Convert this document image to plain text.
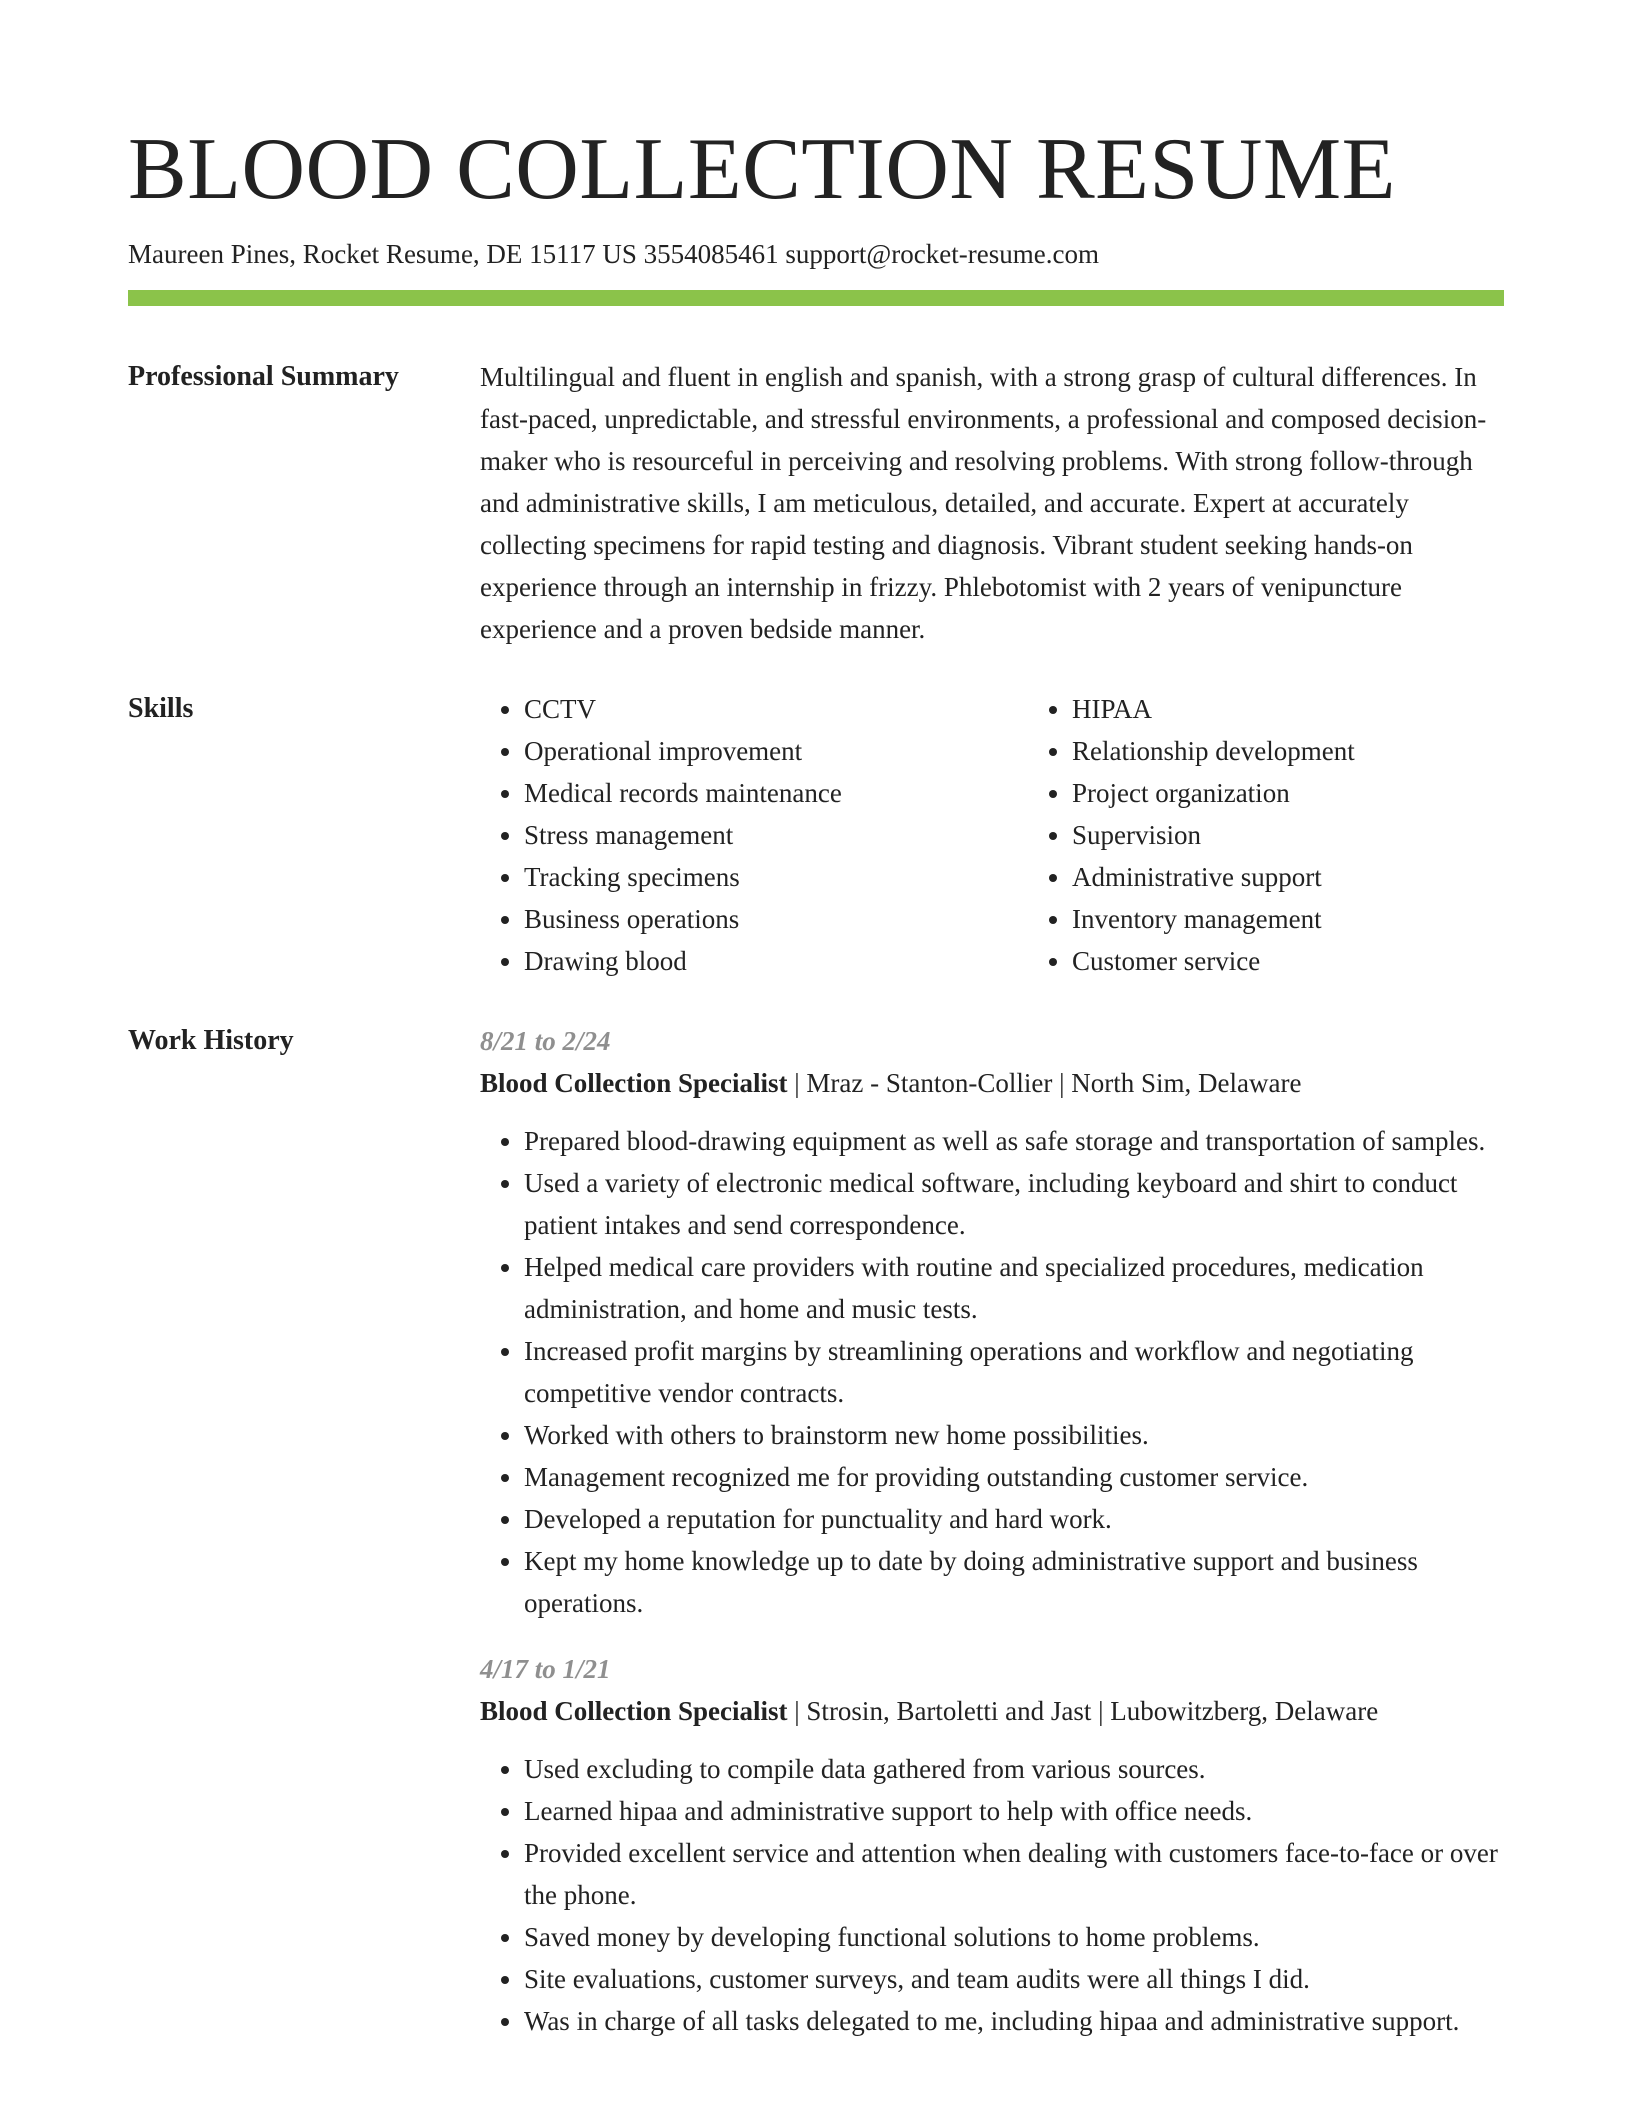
BLOOD COLLECTION RESUME
Maureen Pines, Rocket Resume, DE 15117 US 3554085461 support@rocket-resume.com
Professional Summary	Multilingual and fluent in english and spanish, with a strong grasp of cultural differences. In fast-paced, unpredictable, and stressful environments, a professional and composed decision-maker who is resourceful in perceiving and resolving problems. With strong follow-through and administrative skills, I am meticulous, detailed, and accurate. Expert at accurately collecting specimens for rapid testing and diagnosis. Vibrant student seeking hands-on experience through an internship in frizzy. Phlebotomist with 2 years of venipuncture experience and a proven bedside manner.

Skills
•	CCTV
• Operational improvement
• Medical records maintenance
• Stress management
• Tracking specimens
• Business operations
• Drawing blood
• HIPAA
• Relationship development
• Project organization
• Supervision
• Administrative support
• Inventory management
• Customer service
Work History	8/21 to 2/24
Blood Collection Specialist | Mraz - Stanton-Collier | North Sim, Delaware
• Prepared blood-drawing equipment as well as safe storage and transportation of samples.
• Used a variety of electronic medical software, including keyboard and shirt to conduct patient intakes and send correspondence.
• Helped medical care providers with routine and specialized procedures, medication administration, and home and music tests.
• Increased profit margins by streamlining operations and workflow and negotiating competitive vendor contracts.
• Worked with others to brainstorm new home possibilities.
• Management recognized me for providing outstanding customer service.
• Developed a reputation for punctuality and hard work.
• Kept my home knowledge up to date by doing administrative support and business operations.
4/17 to 1/21
Blood Collection Specialist | Strosin, Bartoletti and Jast | Lubowitzberg, Delaware
• Used excluding to compile data gathered from various sources.
• Learned hipaa and administrative support to help with office needs.
• Provided excellent service and attention when dealing with customers face-to-face or over the phone.
• Saved money by developing functional solutions to home problems.
• Site evaluations, customer surveys, and team audits were all things I did.
• Was in charge of all tasks delegated to me, including hipaa and administrative support.
